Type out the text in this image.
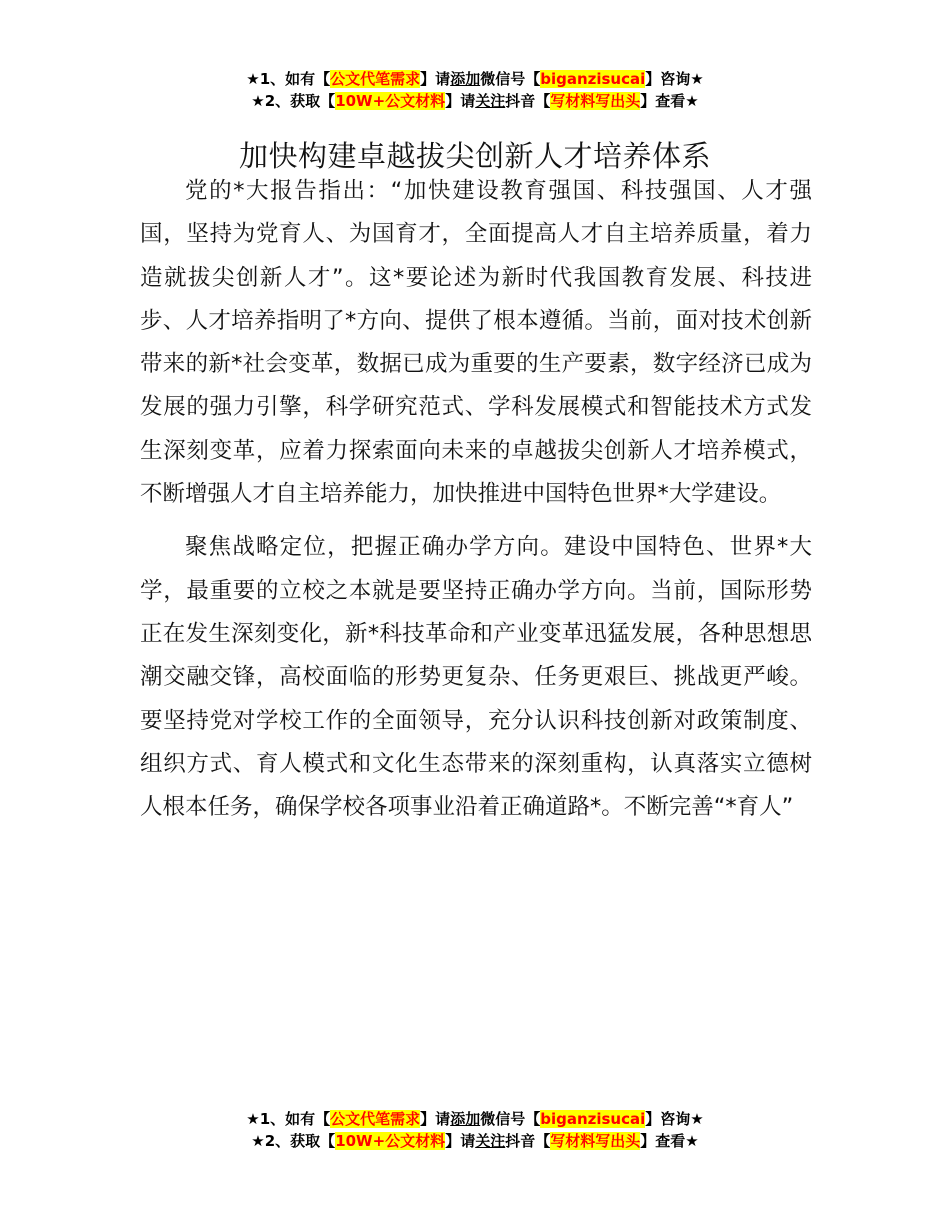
★1、如有【公文代笔需求】请添加微信号【biganzisucai】咨询★
★2、获取【10W+公文材料】请关注抖音【写材料写出头】查看★
加快构建卓越拔尖创新人才培养体系

党的*大报告指出：“加快建设教育强国、科技强国、人才强国，坚持为党育人、为国育才，全面提高人才自主培养质量，着力造就拔尖创新人才”。这*要论述为新时代我国教育发展、科技进步、人才培养指明了*方向、提供了根本遵循。当前，面对技术创新带来的新*社会变革，数据已成为重要的生产要素，数字经济已成为发展的强力引擎，科学研究范式、学科发展模式和智能技术方式发生深刻变革，应着力探索面向未来的卓越拔尖创新人才培养模式，不断增强人才自主培养能力，加快推进中国特色世界*大学建设。

聚焦战略定位，把握正确办学方向。建设中国特色、世界*大学，最重要的立校之本就是要坚持正确办学方向。当前，国际形势正在发生深刻变化，新*科技革命和产业变革迅猛发展，各种思想思潮交融交锋，高校面临的形势更复杂、任务更艰巨、挑战更严峻。要坚持党对学校工作的全面领导，充分认识科技创新对政策制度、组织方式、育人模式和文化生态带来的深刻重构，认真落实立德树人根本任务，确保学校各项事业沿着正确道路*。不断完善“*育人”

★1、如有【公文代笔需求】请添加微信号【biganzisucai】咨询★
★2、获取【10W+公文材料】请关注抖音【写材料写出头】查看★
